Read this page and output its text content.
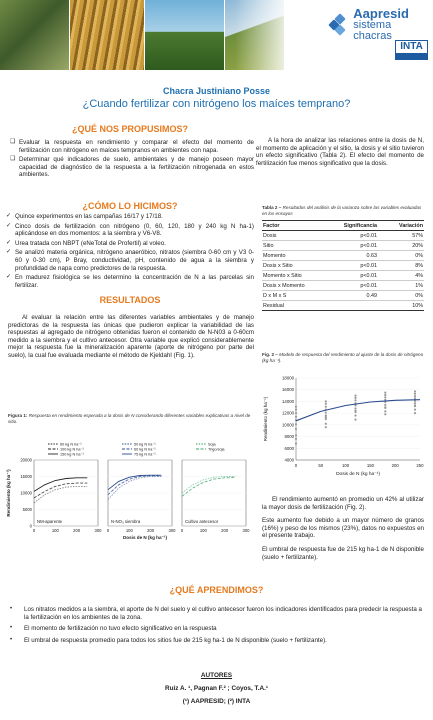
Aapresid
sistema chacras
INTA
Chacra Justiniano Posse
¿Cuando fertilizar con nitrógeno los maíces temprano?
¿QUÉ NOS PROPUSIMOS?
❑ Evaluar la respuesta en rendimiento y comparar el efecto del momento de fertilización con nitrógeno en maíces tempranos en ambientes con napa.
❑ Determinar qué indicadores de suelo, ambientales y de manejo poseen mayor capacidad de diagnóstico de la respuesta a la fertilización nitrogenada en estos ambientes.
A la hora de analizar las relaciones entre la dosis de N, el momento de aplicación y el sitio, la dosis y el sitio tuvieron un efecto significativo (Tabla 2). El efecto del momento de fertilización fue menos significativo que la dosis.
¿CÓMO LO HICIMOS?
✓ Quince experimentos en las campañas 16/17 y 17/18.
✓ Cinco dosis de fertilización con nitrógeno (0, 60, 120, 180 y 240 kg N ha-1) aplicándose en dos momentos: a la siembra y V6-V8.
✓ Urea tratada con NBPT (eNeTotal de Profertil) al voleo.
✓ Se analizó materia orgánica, nitrógeno anaeróbico, nitratos (siembra 0-60 cm y V3 0-60 y 0-30 cm), P Bray, conductividad, pH, contenido de agua a la siembra y profundidad de napa como predictores de la respuesta.
✓ En madurez fisiológica se les determino la concentración de N a las parcelas sin fertilizar.
Tabla 2 – Resultados del análisis de la varianza sobre las variables evaluadas en los ensayos
Factor	Significancia	Variación
Dosis	p<0.01	57%
Sitio	p<0.01	20%
Momento	0.63	0%
Dosis x Sitio	p<0.01	8%
Momento x Sitio	p<0.01	4%
Dosis x Momento	p<0.01	1%
D x M x S	0.49	0%
Residual		10%
RESULTADOS
Al evaluar la relación entre las diferentes variables ambientales y de manejo predictoras de la respuesta las únicas que pudieron explicar la variabilidad de las respuestas al agregado de nitrógeno obtenidas fueron el contenido de N-N03 a 0-60cm medido a la siembra y el cultivo antecesor. Otra variable que explicó considerablemente mejor la respuesta fue la mineralización aparente (aporte de nitrógeno por parte del suelo), la cual fue evaluada mediante el método de Kjeldahl (Fig. 1).
Figura 1: Respuesta en rendimiento esperada a la dosis de N considerando diferentes variables explicativas a nivel de sitio.
Rendimiento (kg ha⁻¹)
0
5000
10000
15000
20000
0	100	200	300
NM-aparente
60 kg N ha⁻¹
100 kg N ha⁻¹
150 kg N ha⁻¹
0	100	200	300
N-NO₃ siembra
50 kg N ha⁻¹
60 kg N ha⁻¹
75 kg N ha⁻¹
0	100	200	300
Cultivo antecesor
Soja
Trigo/soja
Dosis de N (kg ha⁻¹)
Fig. 2 – Modelo de respuesta del rendimiento al ajuste de la dosis de nitrógeno (kg ha⁻¹).
Rendimiento (kg ha⁻¹)
4000
6000
8000
10000
12000
14000
16000
18000
0	50	100	150	200	250
Dosis de N (kg ha⁻¹)

El rendimiento aumentó en promedio un 42% al utilizar la mayor dosis de fertilización (Fig. 2).

Este aumento fue debido a un mayor número de granos (16%) y peso de los mismos (23%), datos no expuestos en el presente trabajo.

El umbral de respuesta fue de 215 kg ha-1 de N disponible (suelo + fertilizante).

¿QUÉ APRENDIMOS?
• Los nitratos medidos a la siembra, el aporte de N del suelo y el cultivo antecesor fueron los indicadores identificados para predecir la respuesta a la fertilización en los ambientes de la zona.
• El momento de fertilización no tuvo efecto significativo en la respuesta
• El umbral de respuesta promedio para todos los sitios fue de 215 kg ha-1 de N disponible (suelo + fertilizante).
AUTORES
Ruiz A. ¹, Pagnan F.² ; Coyos, T.A.¹
(¹) AAPRESID; (²) INTA
